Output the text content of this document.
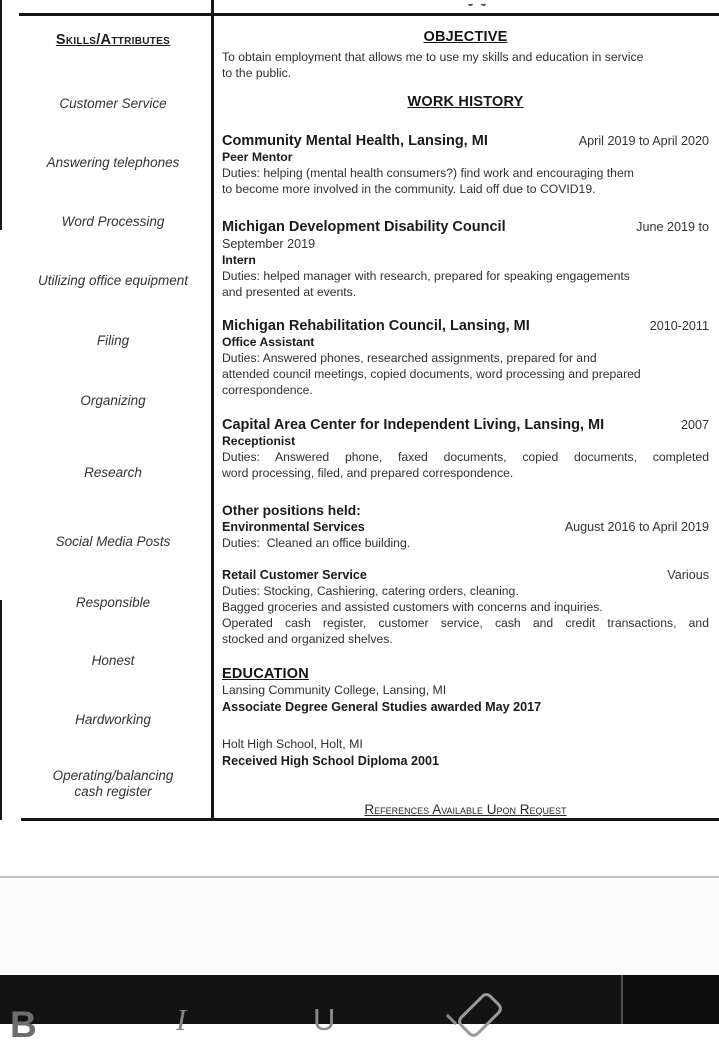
Skills/Attributes
Customer Service
Answering telephones
Word Processing
Utilizing office equipment
Filing
Organizing
Research
Social Media Posts
Responsible
Honest
Hardworking
Operating/balancing cash register
OBJECTIVE
To obtain employment that allows me to use my skills and education in service
to the public.
WORK HISTORY
Community Mental Health, Lansing, MI	April 2019 to April 2020
Peer Mentor
Duties: helping (mental health consumers?) find work and encouraging them
to become more involved in the community. Laid off due to COVID19.
Michigan Development Disability Council	June 2019 to
September 2019
Intern
Duties: helped manager with research, prepared for speaking engagements
and presented at events.
Michigan Rehabilitation Council, Lansing, MI	2010-2011
Office Assistant
Duties: Answered phones, researched assignments, prepared for and
attended council meetings, copied documents, word processing and prepared
correspondence.
Capital Area Center for Independent Living, Lansing, MI	2007
Receptionist
Duties: Answered phone, faxed documents, copied documents, completed
word processing, filed, and prepared correspondence.
Other positions held:
Environmental Services	August 2016 to April 2019
Duties:  Cleaned an office building.
Retail Customer Service	Various
Duties: Stocking, Cashiering, catering orders, cleaning.
Bagged groceries and assisted customers with concerns and inquiries.
Operated cash register, customer service, cash and credit transactions, and
stocked and organized shelves.
EDUCATION
Lansing Community College, Lansing, MI
Associate Degree General Studies awarded May 2017
Holt High School, Holt, MI
Received High School Diploma 2001
References Available Upon Request
B	I	U
